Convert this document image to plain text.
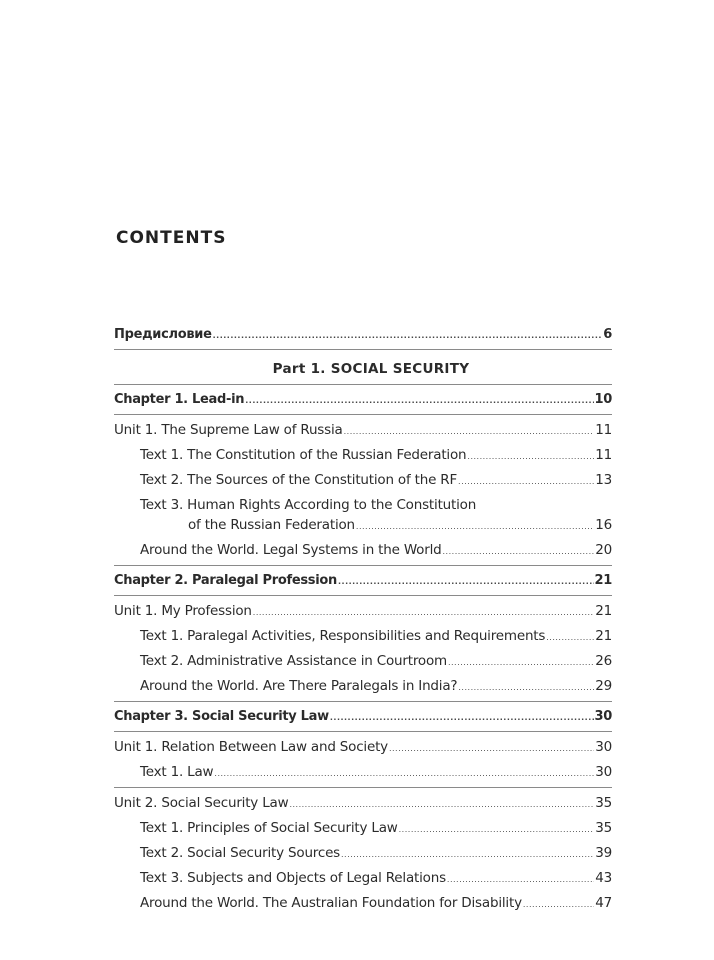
CONTENTS
Предисловие .....	6
Part 1. SOCIAL SECURITY
Chapter 1. Lead-in .....	10
Unit 1. The Supreme Law of Russia .....	11
Text 1. The Constitution of the Russian Federation .....	11
Text 2. The Sources of the Constitution of the RF .....	13
Text 3. Human Rights According to the Constitution
of the Russian Federation .....	16
Around the World. Legal Systems in the World .....	20
Chapter 2. Paralegal Profession .....	21
Unit 1. My Profession .....	21
Text 1. Paralegal Activities, Responsibilities and Requirements .....	21
Text 2. Administrative Assistance in Courtroom .....	26
Around the World. Are There Paralegals in India? .....	29
Chapter 3. Social Security Law .....	30
Unit 1. Relation Between Law and Society .....	30
Text 1. Law .....	30
Unit 2. Social Security Law .....	35
Text 1. Principles of Social Security Law .....	35
Text 2. Social Security Sources .....	39
Text 3. Subjects and Objects of Legal Relations .....	43
Around the World. The Australian Foundation for Disability .....	47
